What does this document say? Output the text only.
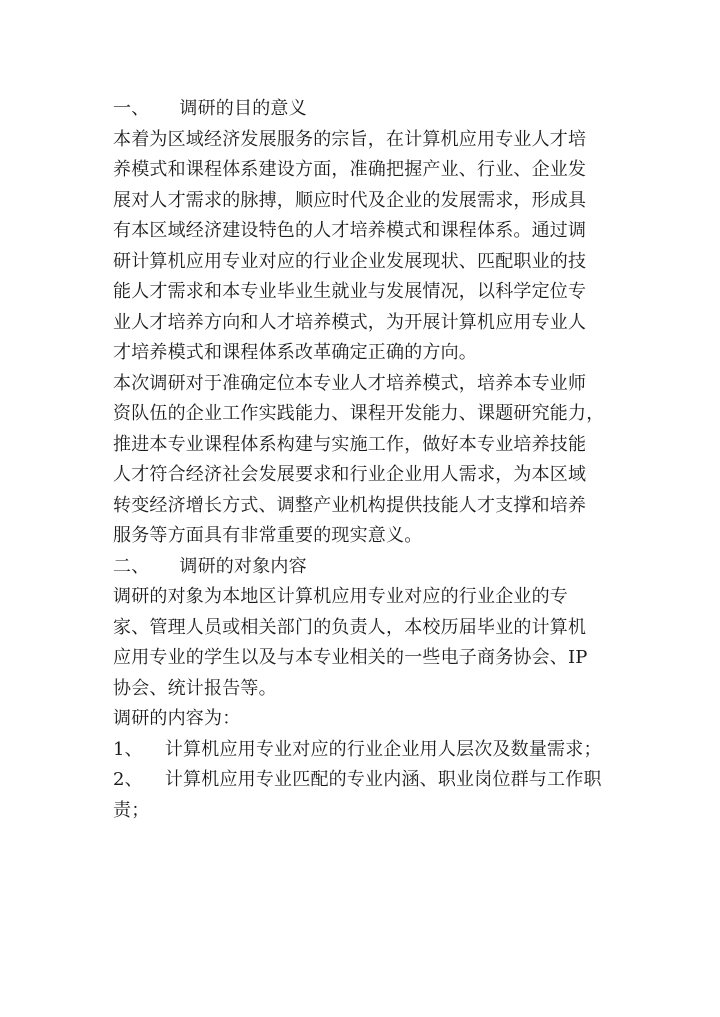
一、 调研的目的意义
本着为区域经济发展服务的宗旨，在计算机应用专业人才培
养模式和课程体系建设方面，准确把握产业、行业、企业发
展对人才需求的脉搏，顺应时代及企业的发展需求，形成具
有本区域经济建设特色的人才培养模式和课程体系。通过调
研计算机应用专业对应的行业企业发展现状、匹配职业的技
能人才需求和本专业毕业生就业与发展情况，以科学定位专
业人才培养方向和人才培养模式，为开展计算机应用专业人
才培养模式和课程体系改革确定正确的方向。
本次调研对于准确定位本专业人才培养模式，培养本专业师
资队伍的企业工作实践能力、课程开发能力、课题研究能力，
推进本专业课程体系构建与实施工作，做好本专业培养技能
人才符合经济社会发展要求和行业企业用人需求，为本区域
转变经济增长方式、调整产业机构提供技能人才支撑和培养
服务等方面具有非常重要的现实意义。
二、 调研的对象内容
调研的对象为本地区计算机应用专业对应的行业企业的专
家、管理人员或相关部门的负责人，本校历届毕业的计算机
应用专业的学生以及与本专业相关的一些电子商务协会、IP
协会、统计报告等。
调研的内容为：
1、 计算机应用专业对应的行业企业用人层次及数量需求；
2、 计算机应用专业匹配的专业内涵、职业岗位群与工作职
责；
